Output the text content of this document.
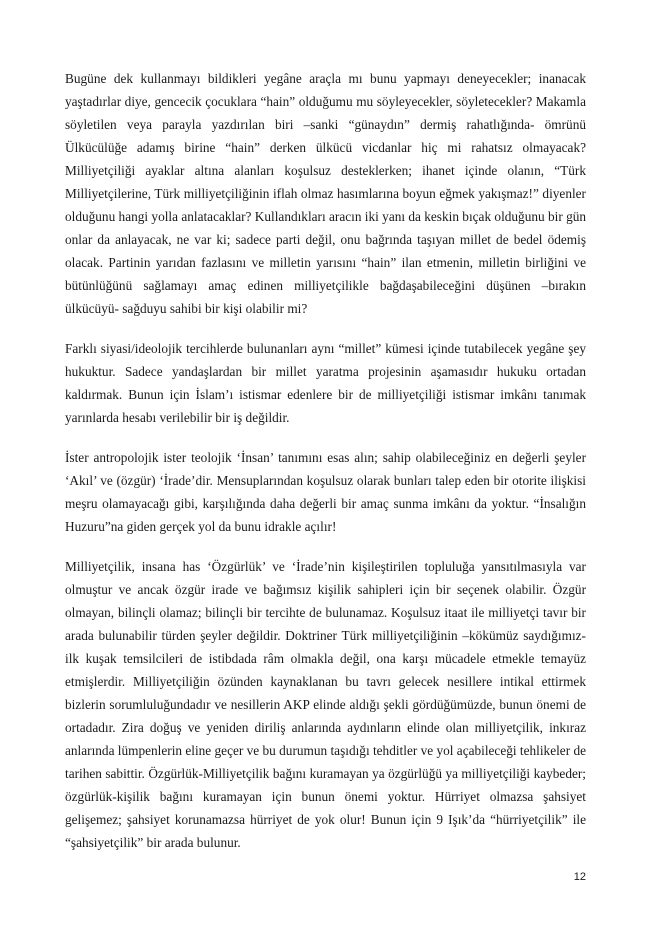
Bugüne dek kullanmayı bildikleri yegâne araçla mı bunu yapmayı deneyecekler; inanacak yaştadırlar diye, gencecik çocuklara “hain” olduğumu mu söyleyecekler, söyletecekler? Makamla söyletilen veya parayla yazdırılan biri –sanki “günaydın” dermiş rahatlığında- ömrünü Ülkücülüğe adamış birine “hain” derken ülkücü vicdanlar hiç mi rahatsız olmayacak? Milliyetçiliği ayaklar altına alanları koşulsuz desteklerken; ihanet içinde olanın, “Türk Milliyetçilerine, Türk milliyetçiliğinin iflah olmaz hasımlarına boyun eğmek yakışmaz!” diyenler olduğunu hangi yolla anlatacaklar? Kullandıkları aracın iki yanı da keskin bıçak olduğunu bir gün onlar da anlayacak, ne var ki; sadece parti değil, onu bağrında taşıyan millet de bedel ödemiş olacak. Partinin yarıdan fazlasını ve milletin yarısını “hain” ilan etmenin, milletin birliğini ve bütünlüğünü sağlamayı amaç edinen milliyetçilikle bağdaşabileceğini düşünen –bırakın ülkücüyü- sağduyu sahibi bir kişi olabilir mi?

Farklı siyasi/ideolojik tercihlerde bulunanları aynı “millet” kümesi içinde tutabilecek yegâne şey hukuktur. Sadece yandaşlardan bir millet yaratma projesinin aşamasıdır hukuku ortadan kaldırmak. Bunun için İslam’ı istismar edenlere bir de milliyetçiliği istismar imkânı tanımak yarınlarda hesabı verilebilir bir iş değildir.

İster antropolojik ister teolojik ‘İnsan’ tanımını esas alın; sahip olabileceğiniz en değerli şeyler ‘Akıl’ ve (özgür) ‘İrade’dir. Mensuplarından koşulsuz olarak bunları talep eden bir otorite ilişkisi meşru olamayacağı gibi, karşılığında daha değerli bir amaç sunma imkânı da yoktur. “İnsalığın Huzuru”na giden gerçek yol da bunu idrakle açılır!

Milliyetçilik, insana has ‘Özgürlük’ ve ‘İrade’nin kişileştirilen topluluğa yansıtılmasıyla var olmuştur ve ancak özgür irade ve bağımsız kişilik sahipleri için bir seçenek olabilir. Özgür olmayan, bilinçli olamaz; bilinçli bir tercihte de bulunamaz. Koşulsuz itaat ile milliyetçi tavır bir arada bulunabilir türden şeyler değildir. Doktriner Türk milliyetçiliğinin –kökümüz saydığımız- ilk kuşak temsilcileri de istibdada râm olmakla değil, ona karşı mücadele etmekle temayüz etmişlerdir. Milliyetçiliğin özünden kaynaklanan bu tavrı gelecek nesillere intikal ettirmek bizlerin sorumluluğundadır ve nesillerin AKP elinde aldığı şekli gördüğümüzde, bunun önemi de ortadadır. Zira doğuş ve yeniden diriliş anlarında aydınların elinde olan milliyetçilik, inkıraz anlarında lümpenlerin eline geçer ve bu durumun taşıdığı tehditler ve yol açabileceği tehlikeler de tarihen sabittir. Özgürlük-Milliyetçilik bağını kuramayan ya özgürlüğü ya milliyetçiliği kaybeder; özgürlük-kişilik bağını kuramayan için bunun önemi yoktur. Hürriyet olmazsa şahsiyet gelişemez; şahsiyet korunamazsa hürriyet de yok olur! Bunun için 9 Işık’da “hürriyetçilik” ile “şahsiyetçilik” bir arada bulunur.

12
